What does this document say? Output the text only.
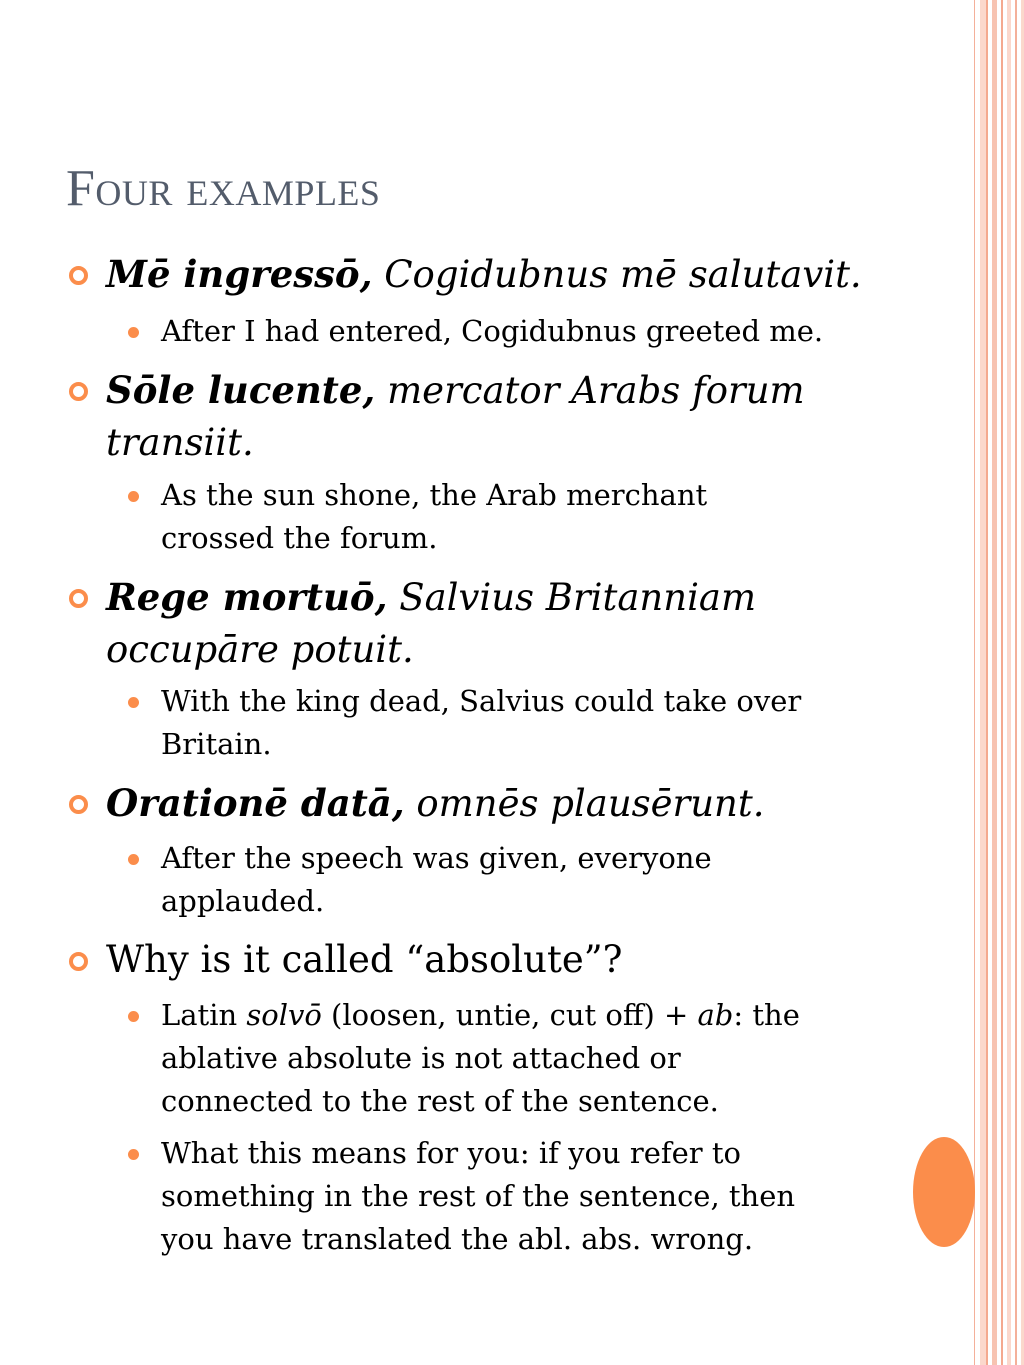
Four examples
Mē ingressō, Cogidubnus mē salutavit.
After I had entered, Cogidubnus greeted me.
Sōle lucente, mercator Arabs forum
transiit.
As the sun shone, the Arab merchant
crossed the forum.
Rege mortuō, Salvius Britanniam
occupāre potuit.
With the king dead, Salvius could take over
Britain.
Orationē datā, omnēs plausērunt.
After the speech was given, everyone
applauded.
Why is it called “absolute”?
Latin solvō (loosen, untie, cut off) + ab: the
ablative absolute is not attached or
connected to the rest of the sentence.
What this means for you: if you refer to
something in the rest of the sentence, then
you have translated the abl. abs. wrong.
